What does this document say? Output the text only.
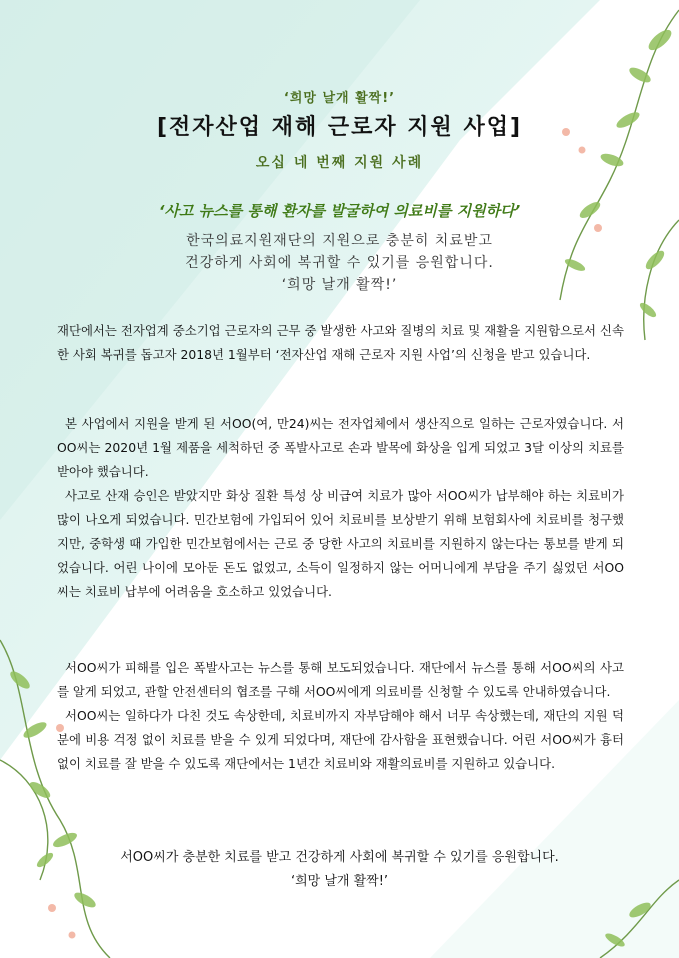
‘희망 날개 활짝!’
[전자산업 재해 근로자 지원 사업]
오십 네 번째 지원 사례
‘사고 뉴스를 통해 환자를 발굴하여 의료비를 지원하다’
한국의료지원재단의 지원으로 충분히 치료받고
건강하게 사회에 복귀할 수 있기를 응원합니다.
‘희망 날개 활짝!’
재단에서는 전자업계 중소기업 근로자의 근무 중 발생한 사고와 질병의 치료 및 재활을 지원함으로서 신속한 사회 복귀를 돕고자 2018년 1월부터 ‘전자산업 재해 근로자 지원 사업’의 신청을 받고 있습니다.
본 사업에서 지원을 받게 된 서OO(여, 만24)씨는 전자업체에서 생산직으로 일하는 근로자였습니다. 서OO씨는 2020년 1월 제품을 세척하던 중 폭발사고로 손과 발목에 화상을 입게 되었고 3달 이상의 치료를 받아야 했습니다.
사고로 산재 승인은 받았지만 화상 질환 특성 상 비급여 치료가 많아 서OO씨가 납부해야 하는 치료비가 많이 나오게 되었습니다. 민간보험에 가입되어 있어 치료비를 보상받기 위해 보험회사에 치료비를 청구했지만, 중학생 때 가입한 민간보험에서는 근로 중 당한 사고의 치료비를 지원하지 않는다는 통보를 받게 되었습니다. 어린 나이에 모아둔 돈도 없었고, 소득이 일정하지 않는 어머니에게 부담을 주기 싫었던 서OO씨는 치료비 납부에 어려움을 호소하고 있었습니다.
서OO씨가 피해를 입은 폭발사고는 뉴스를 통해 보도되었습니다. 재단에서 뉴스를 통해 서OO씨의 사고를 알게 되었고, 관할 안전센터의 협조를 구해 서OO씨에게 의료비를 신청할 수 있도록 안내하였습니다.
서OO씨는 일하다가 다친 것도 속상한데, 치료비까지 자부담해야 해서 너무 속상했는데, 재단의 지원 덕분에 비용 걱정 없이 치료를 받을 수 있게 되었다며, 재단에 감사함을 표현했습니다. 어린 서OO씨가 흉터 없이 치료를 잘 받을 수 있도록 재단에서는 1년간 치료비와 재활의료비를 지원하고 있습니다.
서OO씨가 충분한 치료를 받고 건강하게 사회에 복귀할 수 있기를 응원합니다.
‘희망 날개 활짝!’
